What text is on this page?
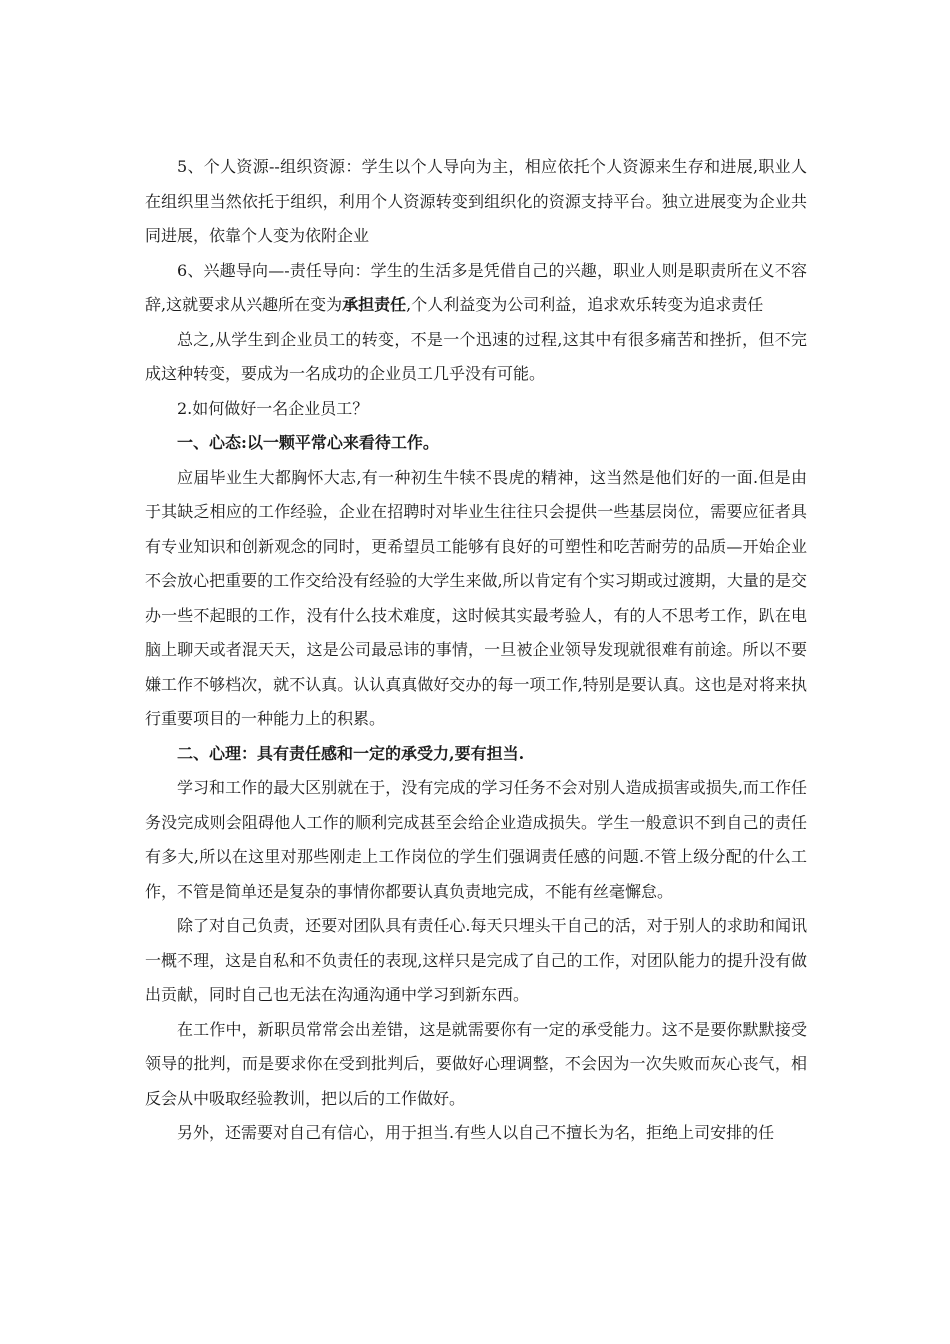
5、个人资源--组织资源：学生以个人导向为主，相应依托个人资源来生存和进展,职业人在组织里当然依托于组织，利用个人资源转变到组织化的资源支持平台。独立进展变为企业共同进展，依靠个人变为依附企业

6、兴趣导向—-责任导向：学生的生活多是凭借自己的兴趣，职业人则是职责所在义不容辞,这就要求从兴趣所在变为承担责任,个人利益变为公司利益，追求欢乐转变为追求责任

总之,从学生到企业员工的转变，不是一个迅速的过程,这其中有很多痛苦和挫折，但不完成这种转变，要成为一名成功的企业员工几乎没有可能。

2.如何做好一名企业员工？

一、心态:以一颗平常心来看待工作。

应届毕业生大都胸怀大志,有一种初生牛犊不畏虎的精神，这当然是他们好的一面.但是由于其缺乏相应的工作经验，企业在招聘时对毕业生往往只会提供一些基层岗位，需要应征者具有专业知识和创新观念的同时，更希望员工能够有良好的可塑性和吃苦耐劳的品质—开始企业不会放心把重要的工作交给没有经验的大学生来做,所以肯定有个实习期或过渡期，大量的是交办一些不起眼的工作，没有什么技术难度，这时候其实最考验人，有的人不思考工作，趴在电脑上聊天或者混天天，这是公司最忌讳的事情，一旦被企业领导发现就很难有前途。所以不要嫌工作不够档次，就不认真。认认真真做好交办的每一项工作,特别是要认真。这也是对将来执行重要项目的一种能力上的积累。

二、心理：具有责任感和一定的承受力,要有担当.

学习和工作的最大区别就在于，没有完成的学习任务不会对别人造成损害或损失,而工作任务没完成则会阻碍他人工作的顺利完成甚至会给企业造成损失。学生一般意识不到自己的责任有多大,所以在这里对那些刚走上工作岗位的学生们强调责任感的问题.不管上级分配的什么工作，不管是简单还是复杂的事情你都要认真负责地完成，不能有丝毫懈怠。

除了对自己负责，还要对团队具有责任心.每天只埋头干自己的活，对于别人的求助和闻讯一概不理，这是自私和不负责任的表现,这样只是完成了自己的工作，对团队能力的提升没有做出贡献，同时自己也无法在沟通沟通中学习到新东西。

在工作中，新职员常常会出差错，这是就需要你有一定的承受能力。这不是要你默默接受领导的批判，而是要求你在受到批判后，要做好心理调整，不会因为一次失败而灰心丧气，相反会从中吸取经验教训，把以后的工作做好。

另外，还需要对自己有信心，用于担当.有些人以自己不擅长为名，拒绝上司安排的任
